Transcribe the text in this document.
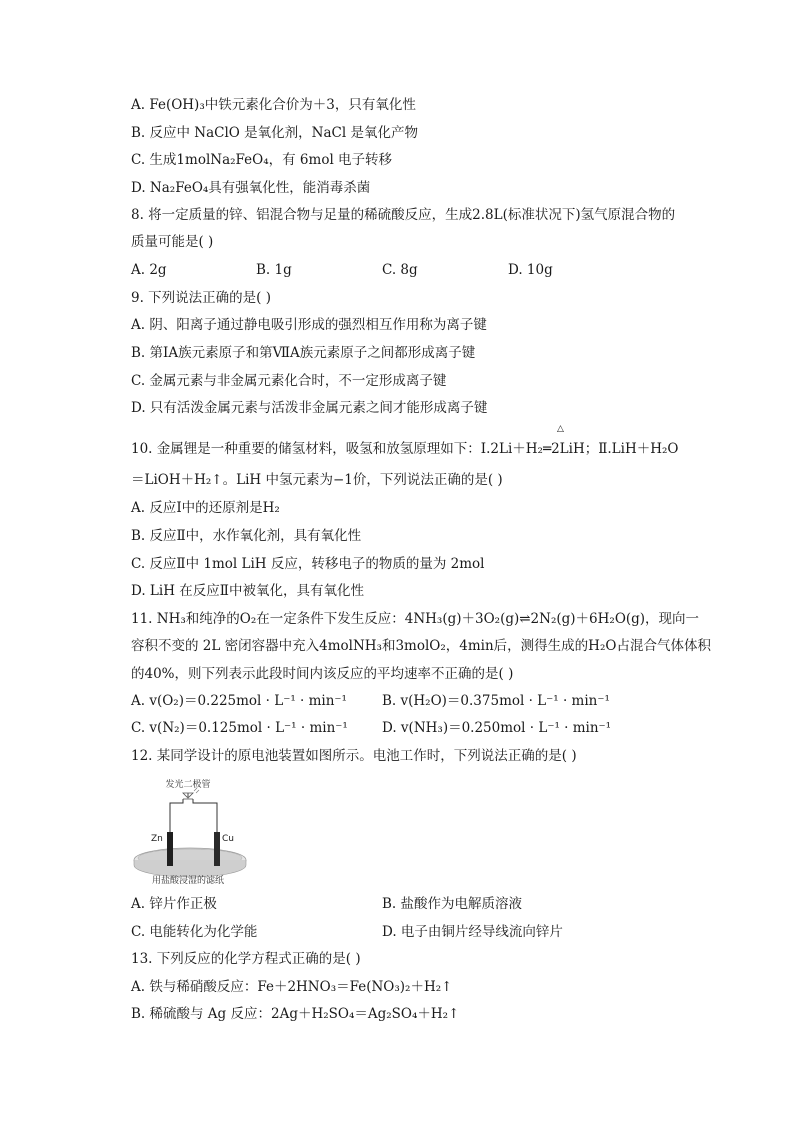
A. Fe(OH)₃中铁元素化合价为＋3，只有氧化性
B. 反应中 NaClO 是氧化剂，NaCl 是氧化产物
C. 生成1molNa₂FeO₄，有 6mol 电子转移
D. Na₂FeO₄具有强氧化性，能消毒杀菌
8. 将一定质量的锌、铝混合物与足量的稀硫酸反应，生成2.8L(标准状况下)氢气原混合物的
质量可能是( )
A. 2g	B. 1g	C. 8g	D. 10g
9. 下列说法正确的是( )
A. 阴、阳离子通过静电吸引形成的强烈相互作用称为离子键
B. 第ⅠA族元素原子和第ⅦA族元素原子之间都形成离子键
C. 金属元素与非金属元素化合时，不一定形成离子键
D. 只有活泼金属元素与活泼非金属元素之间才能形成离子键
△
10. 金属锂是一种重要的储氢材料，吸氢和放氢原理如下：Ⅰ.2Li＋H₂═2LiH；Ⅱ.LiH＋H₂O
＝LiOH＋H₂↑。LiH 中氢元素为−1价，下列说法正确的是( )
A. 反应Ⅰ中的还原剂是H₂
B. 反应Ⅱ中，水作氧化剂，具有氧化性
C. 反应Ⅱ中 1mol LiH 反应，转移电子的物质的量为 2mol
D. LiH 在反应Ⅱ中被氧化，具有氧化性
11. NH₃和纯净的O₂在一定条件下发生反应：4NH₃(g)＋3O₂(g)⇌2N₂(g)＋6H₂O(g)，现向一
容积不变的 2L 密闭容器中充入4molNH₃和3molO₂，4min后，测得生成的H₂O占混合气体体积
的40%，则下列表示此段时间内该反应的平均速率不正确的是( )
A. v(O₂)＝0.225mol · L⁻¹ · min⁻¹	B. v(H₂O)＝0.375mol · L⁻¹ · min⁻¹
C. v(N₂)＝0.125mol · L⁻¹ · min⁻¹	D. v(NH₃)＝0.250mol · L⁻¹ · min⁻¹
12. 某同学设计的原电池装置如图所示。电池工作时，下列说法正确的是( )
发光二极管
Zn	Cu
用盐酸浸湿的滤纸
A. 锌片作正极	B. 盐酸作为电解质溶液
C. 电能转化为化学能	D. 电子由铜片经导线流向锌片
13. 下列反应的化学方程式正确的是( )
A. 铁与稀硝酸反应：Fe＋2HNO₃＝Fe(NO₃)₂＋H₂↑
B. 稀硫酸与 Ag 反应：2Ag＋H₂SO₄＝Ag₂SO₄＋H₂↑
